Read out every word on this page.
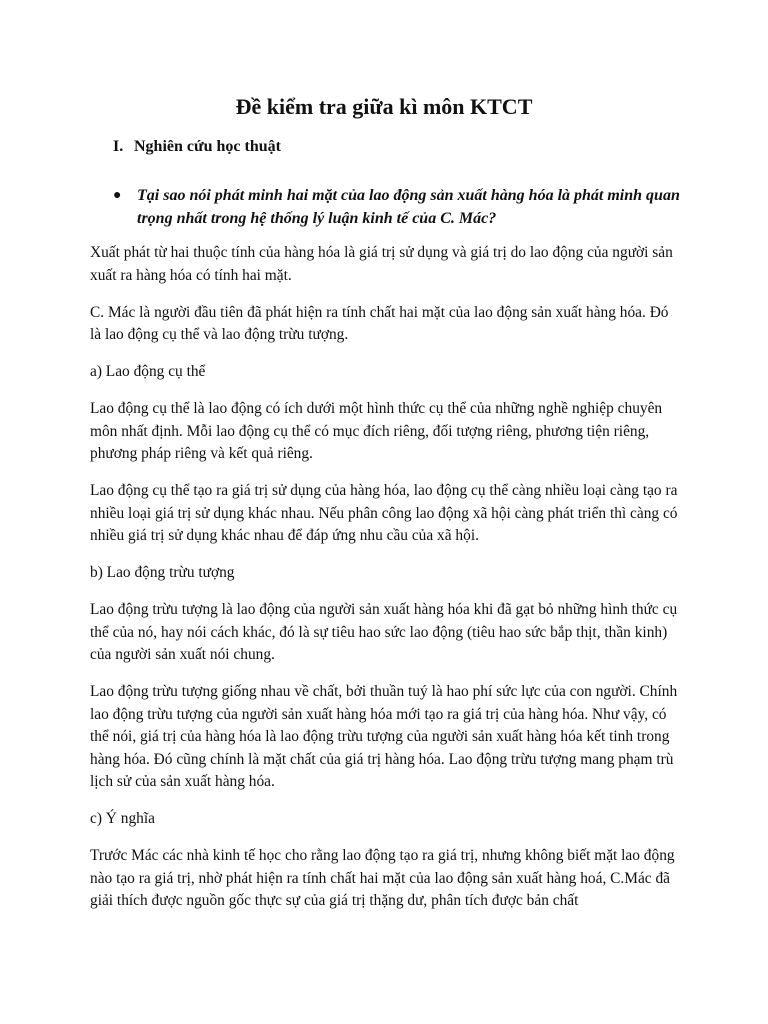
Đề kiểm tra giữa kì môn KTCT
I. Nghiên cứu học thuật
● Tại sao nói phát minh hai mặt của lao động sản xuất hàng hóa là phát minh quan trọng nhất trong hệ thống lý luận kinh tế của C. Mác?

Xuất phát từ hai thuộc tính của hàng hóa là giá trị sử dụng và giá trị do lao động của người sản xuất ra hàng hóa có tính hai mặt.

C. Mác là người đầu tiên đã phát hiện ra tính chất hai mặt của lao động sản xuất hàng hóa. Đó là lao động cụ thể và lao động trừu tượng.

a) Lao động cụ thể

Lao động cụ thể là lao động có ích dưới một hình thức cụ thể của những nghề nghiệp chuyên môn nhất định. Mỗi lao động cụ thể có mục đích riêng, đối tượng riêng, phương tiện riêng, phương pháp riêng và kết quả riêng.

Lao động cụ thể tạo ra giá trị sử dụng của hàng hóa, lao động cụ thể càng nhiều loại càng tạo ra nhiều loại giá trị sử dụng khác nhau. Nếu phân công lao động xã hội càng phát triển thì càng có nhiều giá trị sử dụng khác nhau để đáp ứng nhu cầu của xã hội.

b) Lao động trừu tượng

Lao động trừu tượng là lao động của người sản xuất hàng hóa khi đã gạt bỏ những hình thức cụ thể của nó, hay nói cách khác, đó là sự tiêu hao sức lao động (tiêu hao sức bắp thịt, thần kinh) của người sản xuất nói chung.

Lao động trừu tượng giống nhau về chất, bởi thuần tuý là hao phí sức lực của con người. Chính lao động trừu tượng của người sản xuất hàng hóa mới tạo ra giá trị của hàng hóa. Như vậy, có thể nói, giá trị của hàng hóa là lao động trừu tượng của người sản xuất hàng hóa kết tinh trong hàng hóa. Đó cũng chính là mặt chất của giá trị hàng hóa. Lao động trừu tượng mang phạm trù lịch sử của sản xuất hàng hóa.

c) Ý nghĩa

Trước Mác các nhà kinh tế học cho rằng lao động tạo ra giá trị, nhưng không biết mặt lao động nào tạo ra giá trị, nhờ phát hiện ra tính chất hai mặt của lao động sản xuất hàng hoá, C.Mác đã giải thích được nguồn gốc thực sự của giá trị thặng dư, phân tích được bản chất
